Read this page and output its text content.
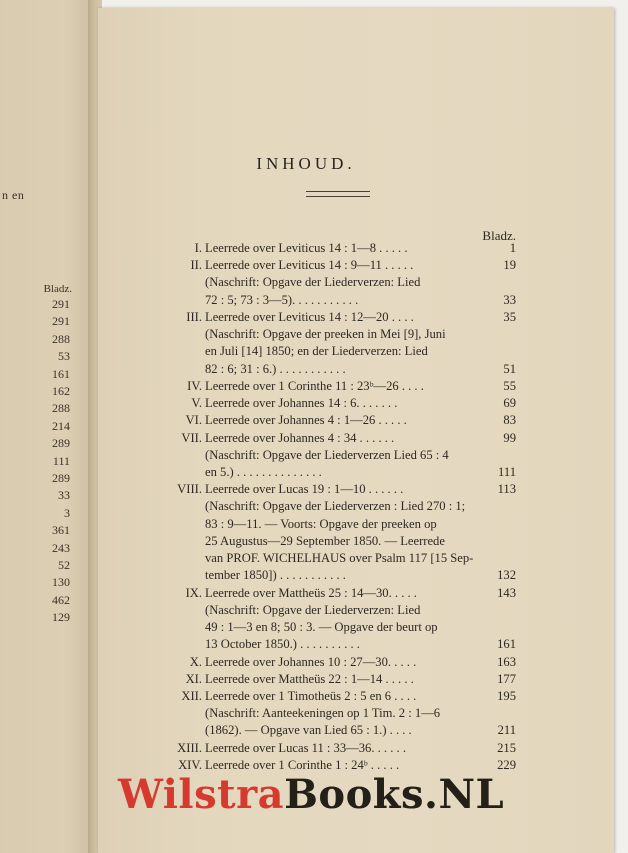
n en
Bladz.
291
291
288
53
161
162
288
214
289
111
289
33
3
361
243
52
130
462
129
INHOUD.
Bladz.
I. Leerrede over Leviticus 14 : 1—8 . . . . .	1
II. Leerrede over Leviticus 14 : 9—11 . . . . .	19
(Naschrift: Opgave der Liederverzen: Lied
72 : 5; 73 : 3—5). . . . . . . . . . .	33
III. Leerrede over Leviticus 14 : 12—20 . . . .	35
(Naschrift: Opgave der preeken in Mei [9], Juni
en Juli [14] 1850; en der Liederverzen: Lied
82 : 6; 31 : 6.) . . . . . . . . . . .	51
IV. Leerrede over 1 Corinthe 11 : 23ᵇ—26 . . . .	55
V. Leerrede over Johannes 14 : 6. . . . . . .	69
VI. Leerrede over Johannes 4 : 1—26 . . . . .	83
VII. Leerrede over Johannes 4 : 34 . . . . . .	99
(Naschrift: Opgave der Liederverzen Lied 65 : 4
en 5.) . . . . . . . . . . . . . .	111
VIII. Leerrede over Lucas 19 : 1—10 . . . . . .	113
(Naschrift: Opgave der Liederverzen : Lied 270 : 1;
83 : 9—11. — Voorts: Opgave der preeken op
25 Augustus—29 September 1850. — Leerrede
van PROF. WICHELHAUS over Psalm 117 [15 Sep-
tember 1850]) . . . . . . . . . . .	132
IX. Leerrede over Mattheüs 25 : 14—30. . . . .	143
(Naschrift: Opgave der Liederverzen: Lied
49 : 1—3 en 8; 50 : 3. — Opgave der beurt op
13 October 1850.) . . . . . . . . . .	161
X. Leerrede over Johannes 10 : 27—30. . . . .	163
XI. Leerrede over Mattheüs 22 : 1—14 . . . . .	177
XII. Leerrede over 1 Timotheüs 2 : 5 en 6 . . . .	195
(Naschrift: Aanteekeningen op 1 Tim. 2 : 1—6
(1862). — Opgave van Lied 65 : 1.) . . . .	211
XIII. Leerrede over Lucas 11 : 33—36. . . . . .	215
XIV. Leerrede over 1 Corinthe 1 : 24ᵇ . . . . .	229
WilstraBooks.NL
